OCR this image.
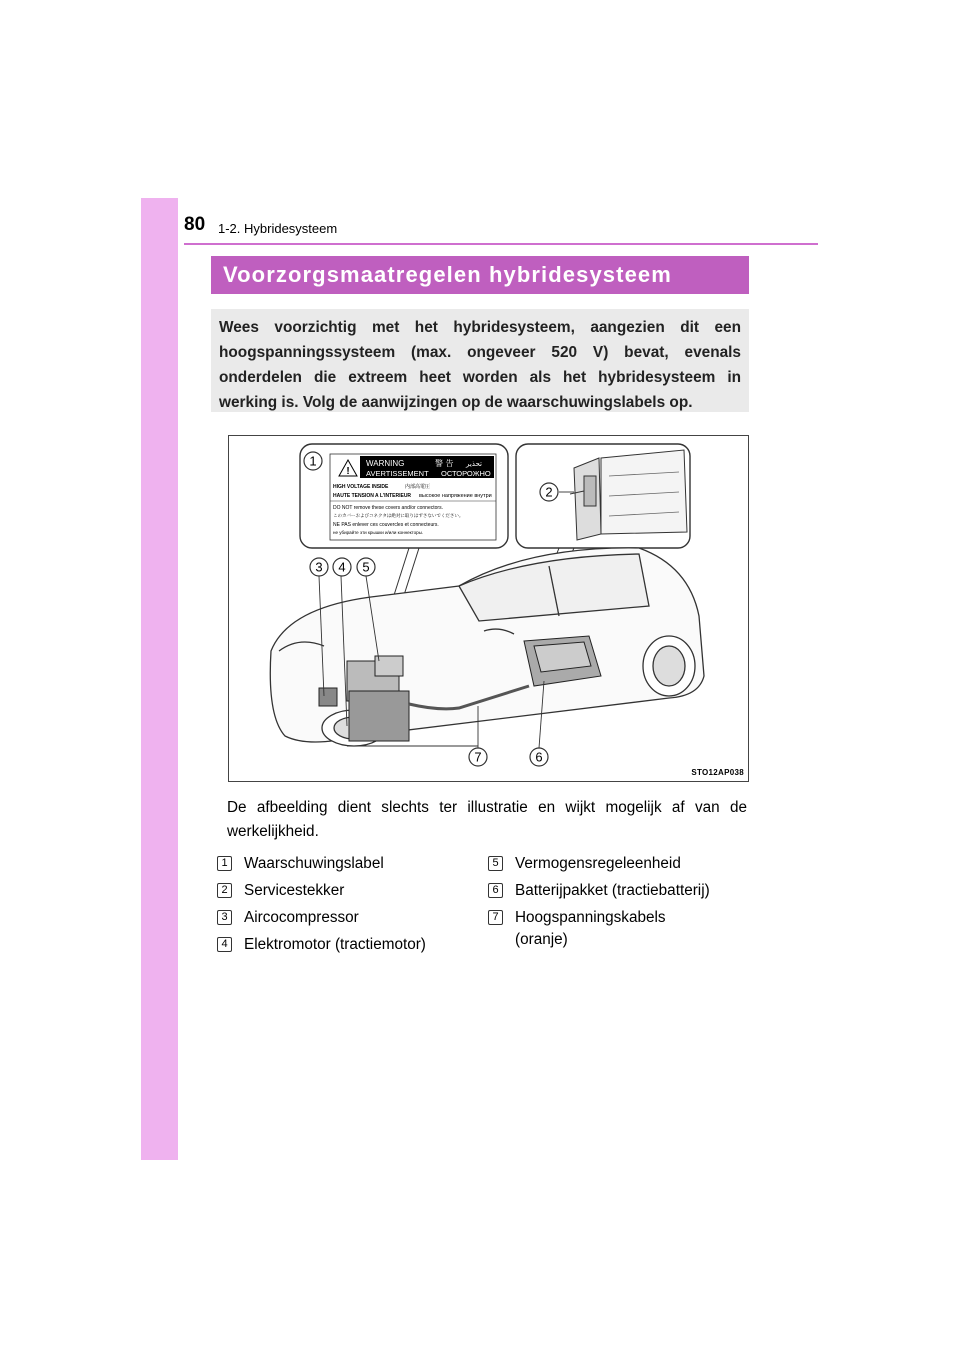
80 1-2. Hybridesysteem
Voorzorgsmaatregelen hybridesysteem
Wees voorzichtig met het hybridesysteem, aangezien dit een hoogspanningssysteem (max. ongeveer 520 V) bevat, evenals onderdelen die extreem heet worden als het hybridesysteem in werking is. Volg de aanwijzingen op de waarschuwingslabels op.
!
WARNING	警 告 تحذير
AVERTISSEMENT ОСТОРОЖНО
HIGH VOLTAGE INSIDE	内部高電圧
HAUTE TENSION A L'INTERIEUR высокое напряжение внутри
DO NOT remove these covers and/or connectors.
このカバーおよびコネクタは絶対に取りはずさないでください。
NE PAS enlever ces couvercles et connecteurs.
не убирайте эти крышки и/или коннекторы.
1
2
3 4 5
6
7
STO12AP038
De afbeelding dient slechts ter illustratie en wijkt mogelijk af van de werkelijkheid.
1 Waarschuwingslabel
2 Servicestekker
3 Aircocompressor
4 Elektromotor (tractiemotor)
5 Vermogensregeleenheid
6 Batterijpakket (tractiebatterij)
7 Hoogspanningskabels (oranje)
